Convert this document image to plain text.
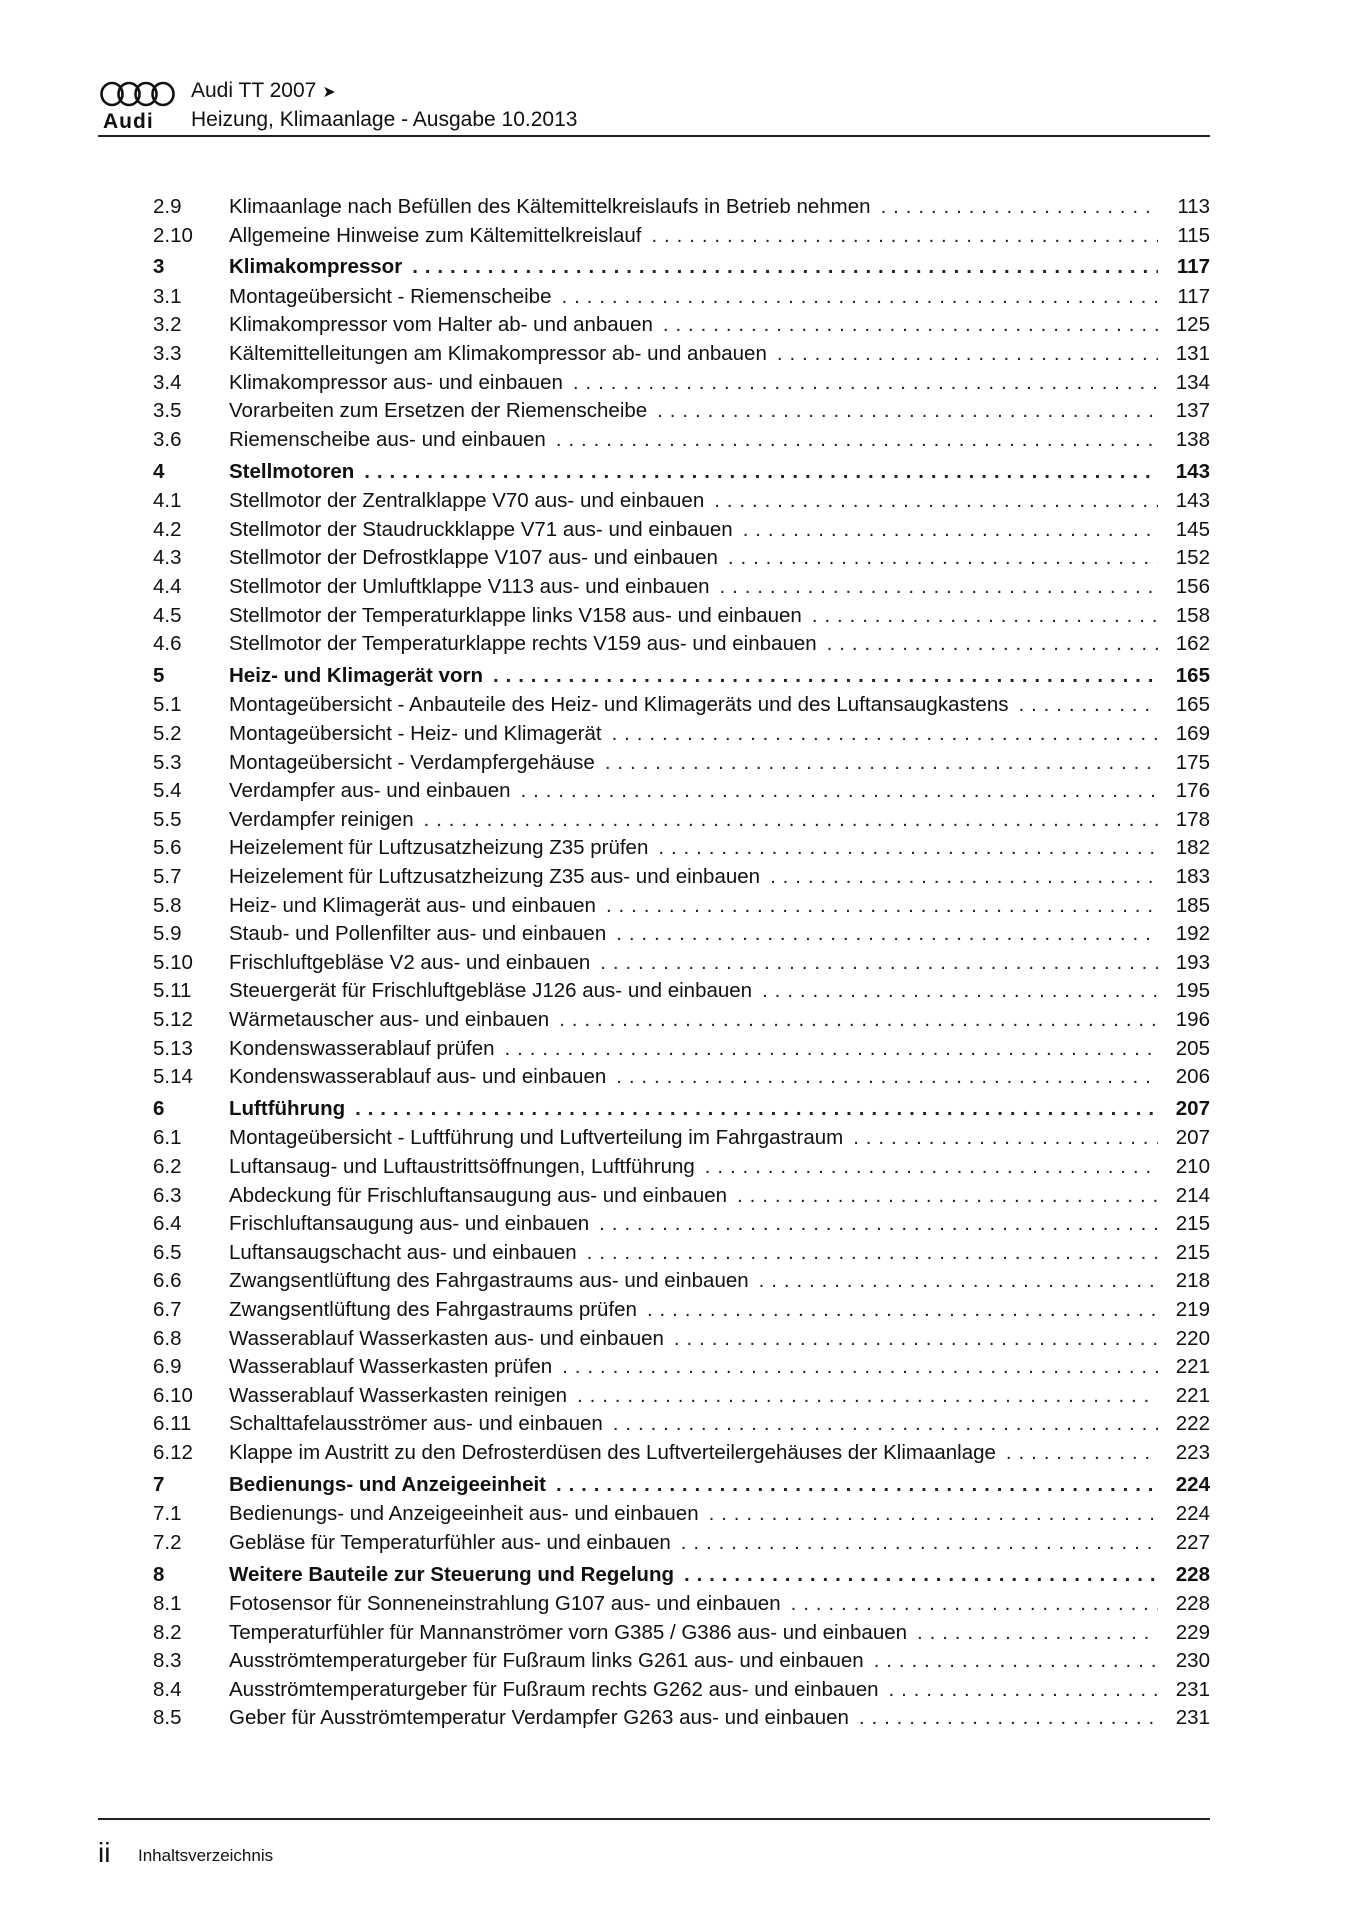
Audi
Audi TT 2007 ➤
Heizung, Klimaanlage - Ausgabe 10.2013
2.9	Klimaanlage nach Befüllen des Kältemittelkreislaufs in Betrieb nehmen . . .	113
2.10	Allgemeine Hinweise zum Kältemittelkreislauf . . .	115
3	Klimakompressor . . .	117
3.1	Montageübersicht - Riemenscheibe . . .	117
3.2	Klimakompressor vom Halter ab- und anbauen . . .	125
3.3	Kältemittelleitungen am Klimakompressor ab- und anbauen . . .	131
3.4	Klimakompressor aus- und einbauen . . .	134
3.5	Vorarbeiten zum Ersetzen der Riemenscheibe . . .	137
3.6	Riemenscheibe aus- und einbauen . . .	138
4	Stellmotoren . . .	143
4.1	Stellmotor der Zentralklappe V70 aus- und einbauen . . .	143
4.2	Stellmotor der Staudruckklappe V71 aus- und einbauen . . .	145
4.3	Stellmotor der Defrostklappe V107 aus- und einbauen . . .	152
4.4	Stellmotor der Umluftklappe V113 aus- und einbauen . . .	156
4.5	Stellmotor der Temperaturklappe links V158 aus- und einbauen . . .	158
4.6	Stellmotor der Temperaturklappe rechts V159 aus- und einbauen . . .	162
5	Heiz- und Klimagerät vorn . . .	165
5.1	Montageübersicht - Anbauteile des Heiz- und Klimageräts und des Luftansaugkastens . . .	165
5.2	Montageübersicht - Heiz- und Klimagerät . . .	169
5.3	Montageübersicht - Verdampfergehäuse . . .	175
5.4	Verdampfer aus- und einbauen . . .	176
5.5	Verdampfer reinigen . . .	178
5.6	Heizelement für Luftzusatzheizung Z35 prüfen . . .	182
5.7	Heizelement für Luftzusatzheizung Z35 aus- und einbauen . . .	183
5.8	Heiz- und Klimagerät aus- und einbauen . . .	185
5.9	Staub- und Pollenfilter aus- und einbauen . . .	192
5.10	Frischluftgebläse V2 aus- und einbauen . . .	193
5.11	Steuergerät für Frischluftgebläse J126 aus- und einbauen . . .	195
5.12	Wärmetauscher aus- und einbauen . . .	196
5.13	Kondenswasserablauf prüfen . . .	205
5.14	Kondenswasserablauf aus- und einbauen . . .	206
6	Luftführung . . .	207
6.1	Montageübersicht - Luftführung und Luftverteilung im Fahrgastraum . . .	207
6.2	Luftansaug- und Luftaustrittsöffnungen, Luftführung . . .	210
6.3	Abdeckung für Frischluftansaugung aus- und einbauen . . .	214
6.4	Frischluftansaugung aus- und einbauen . . .	215
6.5	Luftansaugschacht aus- und einbauen . . .	215
6.6	Zwangsentlüftung des Fahrgastraums aus- und einbauen . . .	218
6.7	Zwangsentlüftung des Fahrgastraums prüfen . . .	219
6.8	Wasserablauf Wasserkasten aus- und einbauen . . .	220
6.9	Wasserablauf Wasserkasten prüfen . . .	221
6.10	Wasserablauf Wasserkasten reinigen . . .	221
6.11	Schalttafelausströmer aus- und einbauen . . .	222
6.12	Klappe im Austritt zu den Defrosterdüsen des Luftverteilergehäuses der Klimaanlage . . .	223
7	Bedienungs- und Anzeigeeinheit . . .	224
7.1	Bedienungs- und Anzeigeeinheit aus- und einbauen . . .	224
7.2	Gebläse für Temperaturfühler aus- und einbauen . . .	227
8	Weitere Bauteile zur Steuerung und Regelung . . .	228
8.1	Fotosensor für Sonneneinstrahlung G107 aus- und einbauen . . .	228
8.2	Temperaturfühler für Mannanströmer vorn G385 / G386 aus- und einbauen . . .	229
8.3	Ausströmtemperaturgeber für Fußraum links G261 aus- und einbauen . . .	230
8.4	Ausströmtemperaturgeber für Fußraum rechts G262 aus- und einbauen . . .	231
8.5	Geber für Ausströmtemperatur Verdampfer G263 aus- und einbauen . . .	231
ii Inhaltsverzeichnis
